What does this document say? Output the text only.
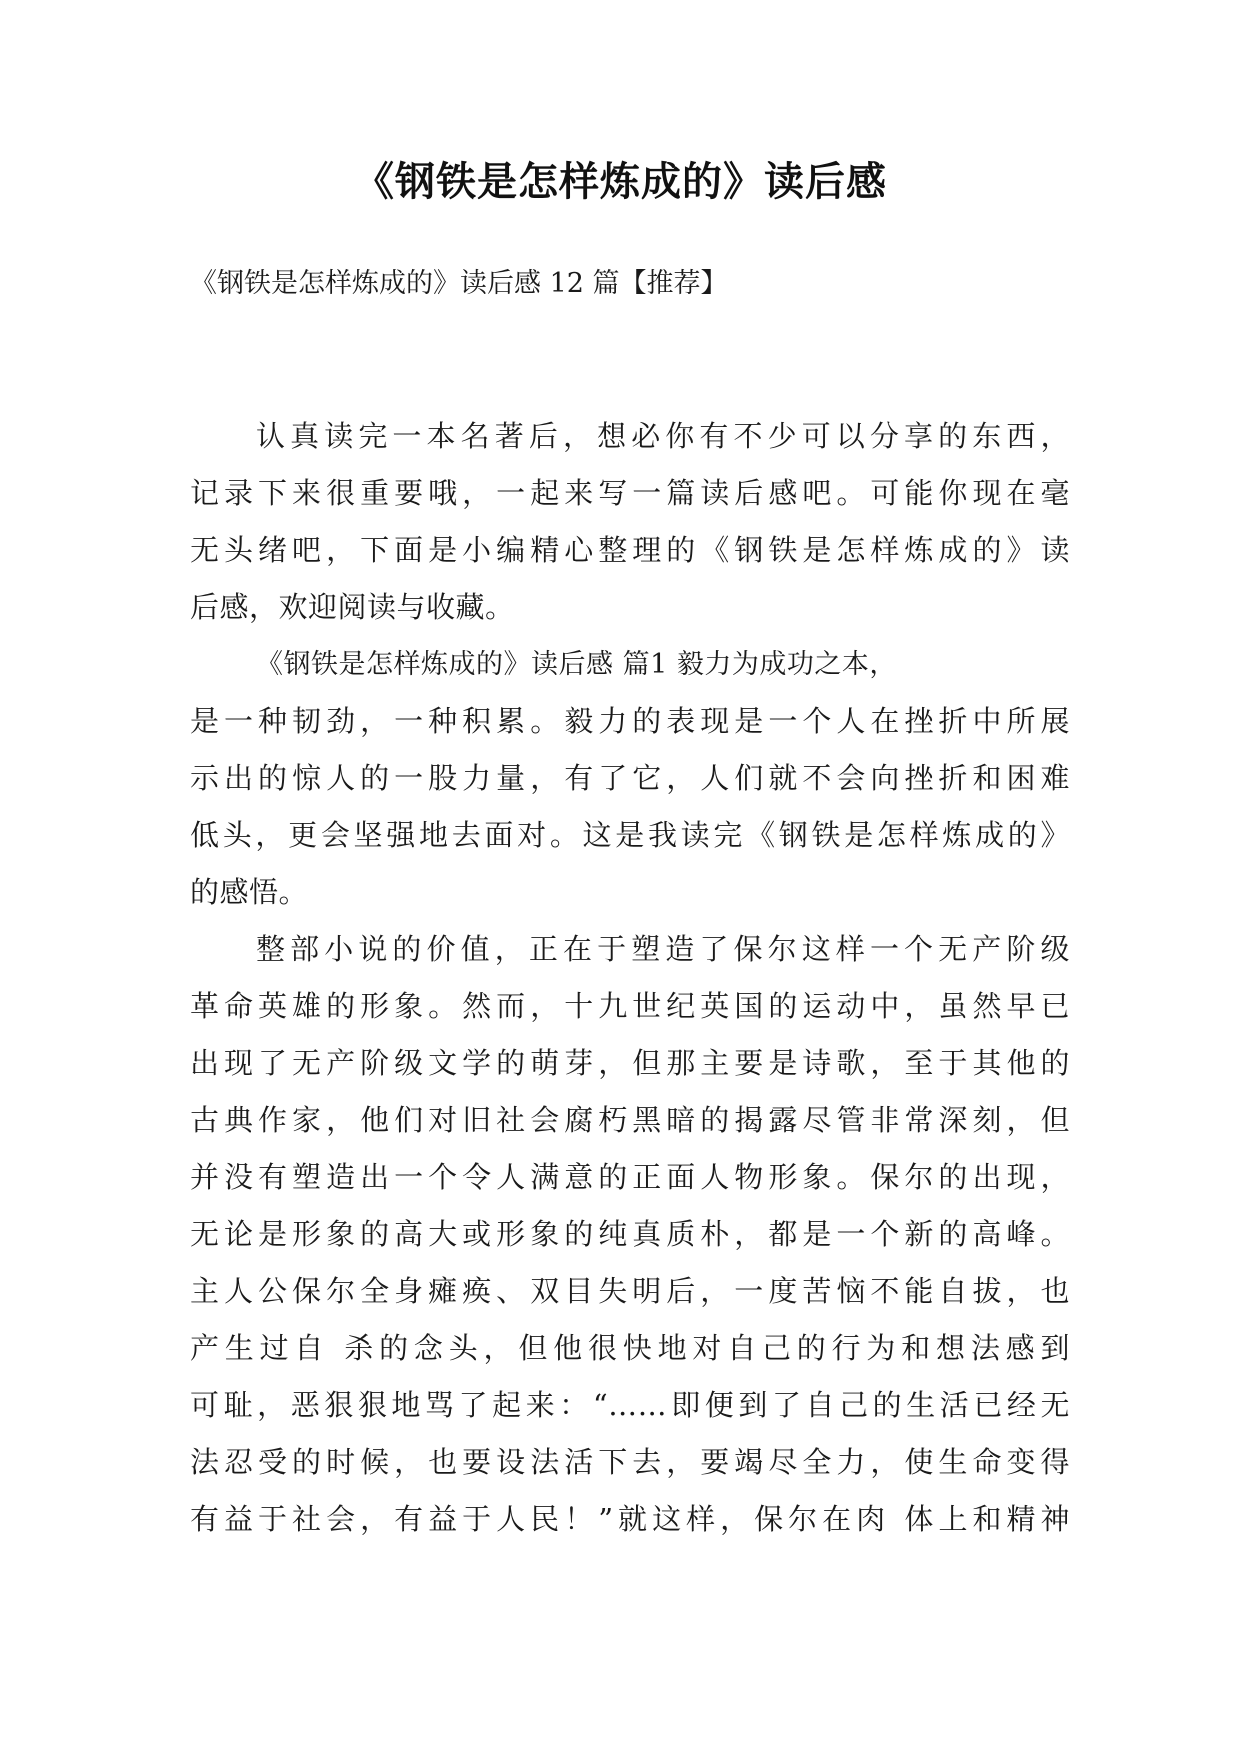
《钢铁是怎样炼成的》读后感
《钢铁是怎样炼成的》读后感 12 篇【推荐】
认真读完一本名著后，想必你有不少可以分享的东西，
记录下来很重要哦，一起来写一篇读后感吧。可能你现在毫
无头绪吧，下面是小编精心整理的《钢铁是怎样炼成的》读
后感，欢迎阅读与收藏。
《钢铁是怎样炼成的》读后感 篇1 毅力为成功之本，
是一种韧劲，一种积累。毅力的表现是一个人在挫折中所展
示出的惊人的一股力量，有了它，人们就不会向挫折和困难
低头，更会坚强地去面对。这是我读完《钢铁是怎样炼成的》
的感悟。
整部小说的价值，正在于塑造了保尔这样一个无产阶级
革命英雄的形象。然而，十九世纪英国的运动中，虽然早已
出现了无产阶级文学的萌芽，但那主要是诗歌，至于其他的
古典作家，他们对旧社会腐朽黑暗的揭露尽管非常深刻，但
并没有塑造出一个令人满意的正面人物形象。保尔的出现，
无论是形象的高大或形象的纯真质朴，都是一个新的高峰。
主人公保尔全身瘫痪、双目失明后，一度苦恼不能自拔，也
产生过自 杀的念头，但他很快地对自己的行为和想法感到
可耻，恶狠狠地骂了起来：“……即便到了自己的生活已经无
法忍受的时候，也要设法活下去，要竭尽全力，使生命变得
有益于社会，有益于人民！”就这样，保尔在肉 体上和精神
